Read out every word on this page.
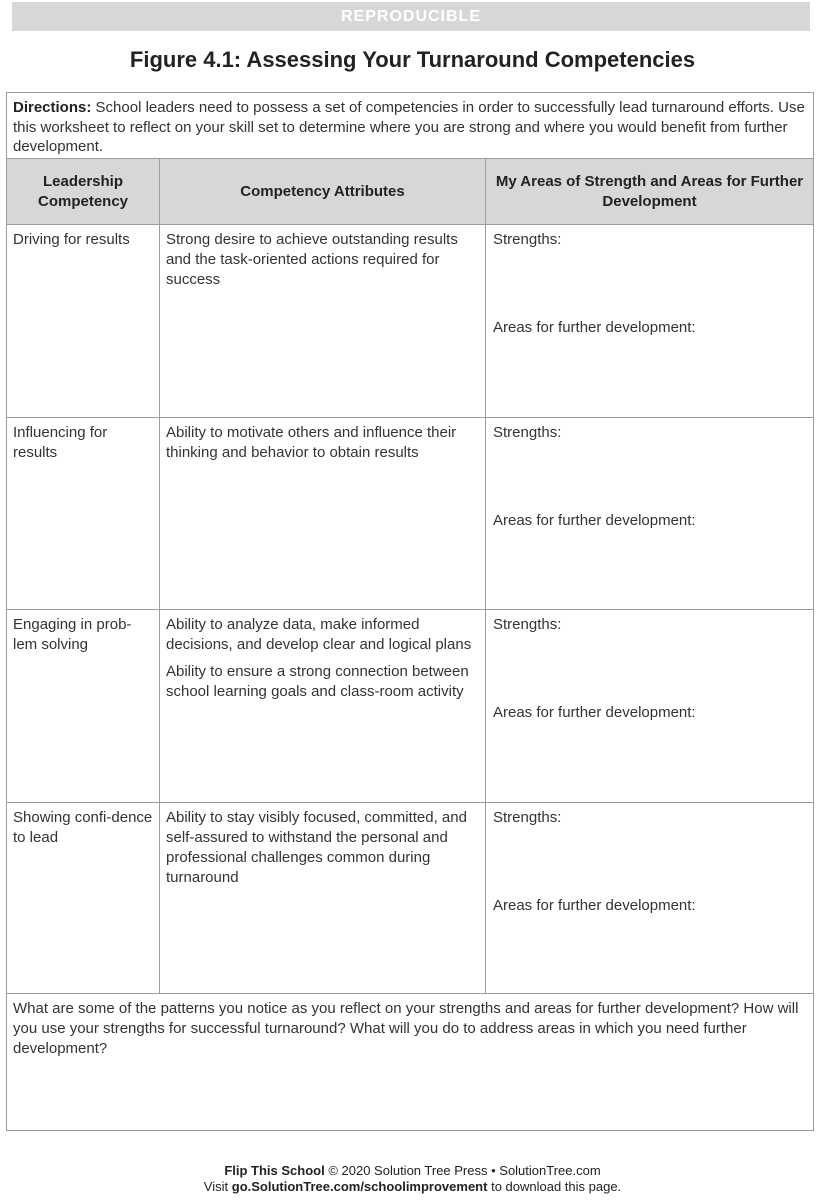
REPRODUCIBLE
Figure 4.1: Assessing Your Turnaround Competencies
Directions: School leaders need to possess a set of competencies in order to successfully lead turnaround efforts. Use this worksheet to reflect on your skill set to determine where you are strong and where you would benefit from further development.
Leadership Competency
Competency Attributes
My Areas of Strength and Areas for Further Development
Driving for results	Strong desire to achieve outstanding results and the task-oriented actions required for success

Strengths:
Areas for further development:
Influencing for results

Ability to motivate others and influence their thinking and behavior to obtain results

Strengths:
Areas for further development:
Engaging in prob-lem solving

Ability to analyze data, make informed decisions, and develop clear and logical plans

Ability to ensure a strong connection between school learning goals and class-room activity

Strengths:
Areas for further development:
Showing confi-dence to lead

Ability to stay visibly focused, committed, and self-assured to withstand the personal and professional challenges common during turnaround

Strengths:
Areas for further development:
What are some of the patterns you notice as you reflect on your strengths and areas for further development? How will you use your strengths for successful turnaround? What will you do to address areas in which you need further development?
Flip This School © 2020 Solution Tree Press • SolutionTree.com
Visit go.SolutionTree.com/schoolimprovement to download this page.
